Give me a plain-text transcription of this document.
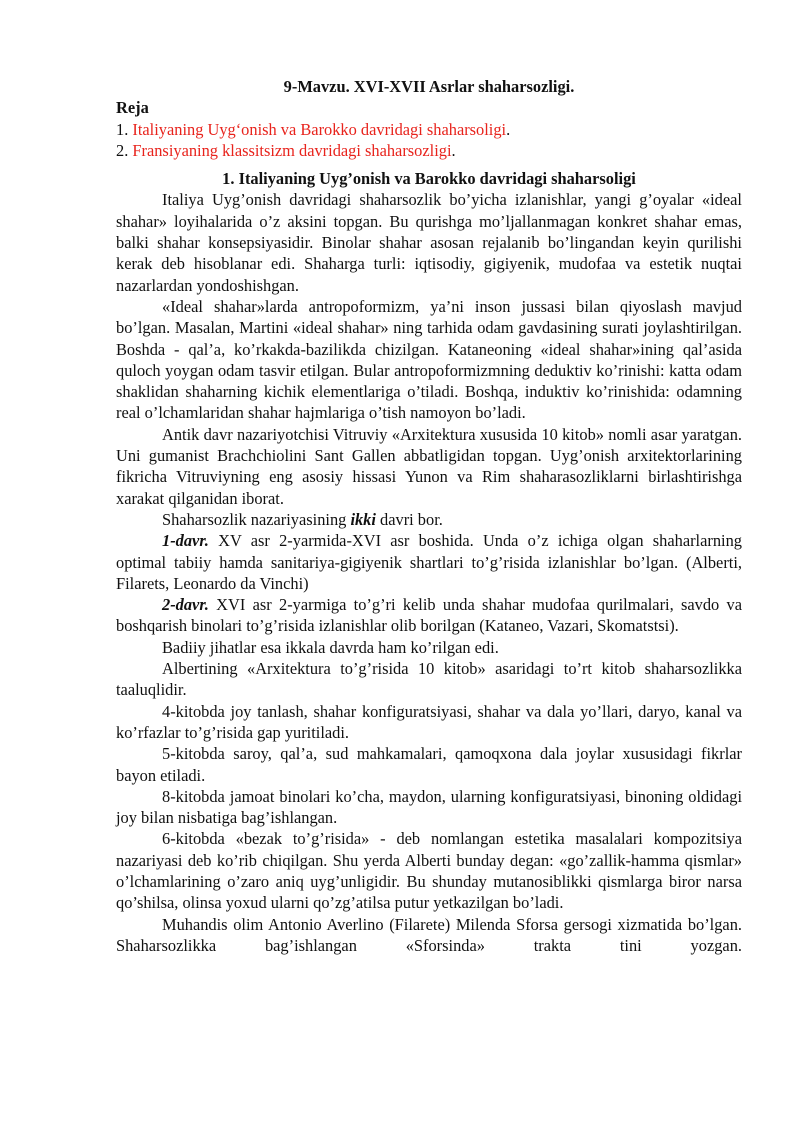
9-Mavzu. XVI-XVII Asrlar shaharsozligi.

Reja

1. Italiyaning Uyg‘onish va Barokko davridagi shaharsoligi.

2. Fransiyaning klassitsizm davridagi shaharsozligi.

1. Italiyaning Uyg’onish va Barokko davridagi shaharsoligi

Italiya Uyg’onish davridagi shaharsozlik bo’yicha izlanishlar, yangi g’oyalar «ideal shahar» loyihalarida o’z aksini topgan. Bu qurishga mo’ljallanmagan konkret shahar emas, balki shahar konsepsiyasidir. Binolar shahar asosan rejalanib bo’lingandan keyin qurilishi kerak deb hisoblanar edi. Shaharga turli: iqtisodiy, gigiyenik, mudofaa va estetik nuqtai nazarlardan yondoshishgan.

«Ideal shahar»larda antropoformizm, ya’ni inson jussasi bilan qiyoslash mavjud bo’lgan. Masalan, Martini «ideal shahar» ning tarhida odam gavdasining surati joylashtirilgan. Boshda - qal’a, ko’rkakda-bazilikda chizilgan. Kataneoning «ideal shahar»ining qal’asida quloch yoygan odam tasvir etilgan. Bular antropoformizmning deduktiv ko’rinishi: katta odam shaklidan shaharning kichik elementlariga o’tiladi. Boshqa, induktiv ko’rinishida: odamning real o’lchamlaridan shahar hajmlariga o’tish namoyon bo’ladi.

Antik davr nazariyotchisi Vitruviy «Arxitektura xususida 10 kitob» nomli asar yaratgan. Uni gumanist Brachchiolini Sant Gallen abbatligidan topgan. Uyg’onish arxitektorlarining fikricha Vitruviyning eng asosiy hissasi Yunon va Rim shaharasozliklarni birlashtirishga xarakat qilganidan iborat.

Shaharsozlik nazariyasining ikki davri bor.

1-davr. XV asr 2-yarmida-XVI asr boshida. Unda o’z ichiga olgan shaharlarning optimal tabiiy hamda sanitariya-gigiyenik shartlari to’g’risida izlanishlar bo’lgan. (Alberti, Filarets, Leonardo da Vinchi)

2-davr. XVI asr 2-yarmiga to’g’ri kelib unda shahar mudofaa qurilmalari, savdo va boshqarish binolari to’g’risida izlanishlar olib borilgan (Kataneo, Vazari, Skomatstsi).

Badiiy jihatlar esa ikkala davrda ham ko’rilgan edi.

Albertining «Arxitektura to’g’risida 10 kitob» asaridagi to’rt kitob shaharsozlikka taaluqlidir.

4-kitobda joy tanlash, shahar konfiguratsiyasi, shahar va dala yo’llari, daryo, kanal va ko’rfazlar to’g’risida gap yuritiladi.

5-kitobda saroy, qal’a, sud mahkamalari, qamoqxona dala joylar xususidagi fikrlar bayon etiladi.

8-kitobda jamoat binolari ko’cha, maydon, ularning konfiguratsiyasi, binoning oldidagi joy bilan nisbatiga bag’ishlangan.

6-kitobda «bezak to’g’risida» - deb nomlangan estetika masalalari kompozitsiya nazariyasi deb ko’rib chiqilgan. Shu yerda Alberti bunday degan: «go’zallik-hamma qismlar» o’lchamlarining o’zaro aniq uyg’unligidir. Bu shunday mutanosiblikki qismlarga biror narsa qo’shilsa, olinsa yoxud ularni qo’zg’atilsa putur yetkazilgan bo’ladi.

Muhandis olim Antonio Averlino (Filarete) Milenda Sforsa gersogi xizmatida bo’lgan. Shaharsozlikka bag’ishlangan «Sforsinda» trakta tini yozgan.
